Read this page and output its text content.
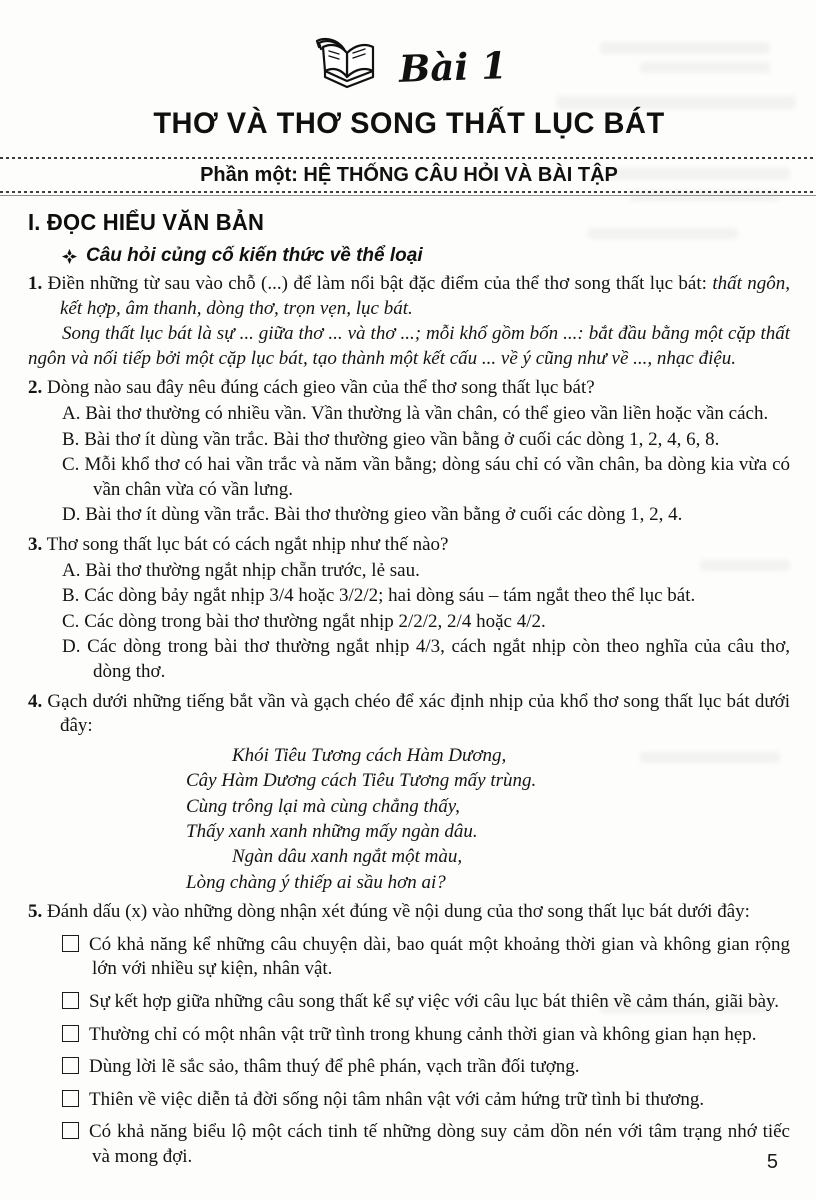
Bài 1
THƠ VÀ THƠ SONG THẤT LỤC BÁT
Phần một: HỆ THỐNG CÂU HỎI VÀ BÀI TẬP
I. ĐỌC HIỂU VĂN BẢN
Câu hỏi củng cố kiến thức về thể loại
1. Điền những từ sau vào chỗ (...) để làm nổi bật đặc điểm của thể thơ song thất lục bát: thất ngôn, kết hợp, âm thanh, dòng thơ, trọn vẹn, lục bát.
Song thất lục bát là sự ... giữa thơ ... và thơ ...; mỗi khổ gồm bốn ...: bắt đầu bằng một cặp thất ngôn và nối tiếp bởi một cặp lục bát, tạo thành một kết cấu ... về ý cũng như về ..., nhạc điệu.
2. Dòng nào sau đây nêu đúng cách gieo vần của thể thơ song thất lục bát?
A. Bài thơ thường có nhiều vần. Vần thường là vần chân, có thể gieo vần liền hoặc vần cách.
B. Bài thơ ít dùng vần trắc. Bài thơ thường gieo vần bằng ở cuối các dòng 1, 2, 4, 6, 8.
C. Mỗi khổ thơ có hai vần trắc và năm vần bằng; dòng sáu chỉ có vần chân, ba dòng kia vừa có vần chân vừa có vần lưng.
D. Bài thơ ít dùng vần trắc. Bài thơ thường gieo vần bằng ở cuối các dòng 1, 2, 4.
3. Thơ song thất lục bát có cách ngắt nhịp như thế nào?
A. Bài thơ thường ngắt nhịp chẵn trước, lẻ sau.
B. Các dòng bảy ngắt nhịp 3/4 hoặc 3/2/2; hai dòng sáu – tám ngắt theo thể lục bát.
C. Các dòng trong bài thơ thường ngắt nhịp 2/2/2, 2/4 hoặc 4/2.
D. Các dòng trong bài thơ thường ngắt nhịp 4/3, cách ngắt nhịp còn theo nghĩa của câu thơ, dòng thơ.
4. Gạch dưới những tiếng bắt vần và gạch chéo để xác định nhịp của khổ thơ song thất lục bát dưới đây:
Khói Tiêu Tương cách Hàm Dương,
Cây Hàm Dương cách Tiêu Tương mấy trùng.
Cùng trông lại mà cùng chẳng thấy,
Thấy xanh xanh những mấy ngàn dâu.
Ngàn dâu xanh ngắt một màu,
Lòng chàng ý thiếp ai sầu hơn ai?
5. Đánh dấu (x) vào những dòng nhận xét đúng về nội dung của thơ song thất lục bát dưới đây:
Có khả năng kể những câu chuyện dài, bao quát một khoảng thời gian và không gian rộng lớn với nhiều sự kiện, nhân vật.
Sự kết hợp giữa những câu song thất kể sự việc với câu lục bát thiên về cảm thán, giãi bày.
Thường chỉ có một nhân vật trữ tình trong khung cảnh thời gian và không gian hạn hẹp.
Dùng lời lẽ sắc sảo, thâm thuý để phê phán, vạch trần đối tượng.
Thiên về việc diễn tả đời sống nội tâm nhân vật với cảm hứng trữ tình bi thương.
Có khả năng biểu lộ một cách tinh tế những dòng suy cảm dồn nén với tâm trạng nhớ tiếc và mong đợi.	5
